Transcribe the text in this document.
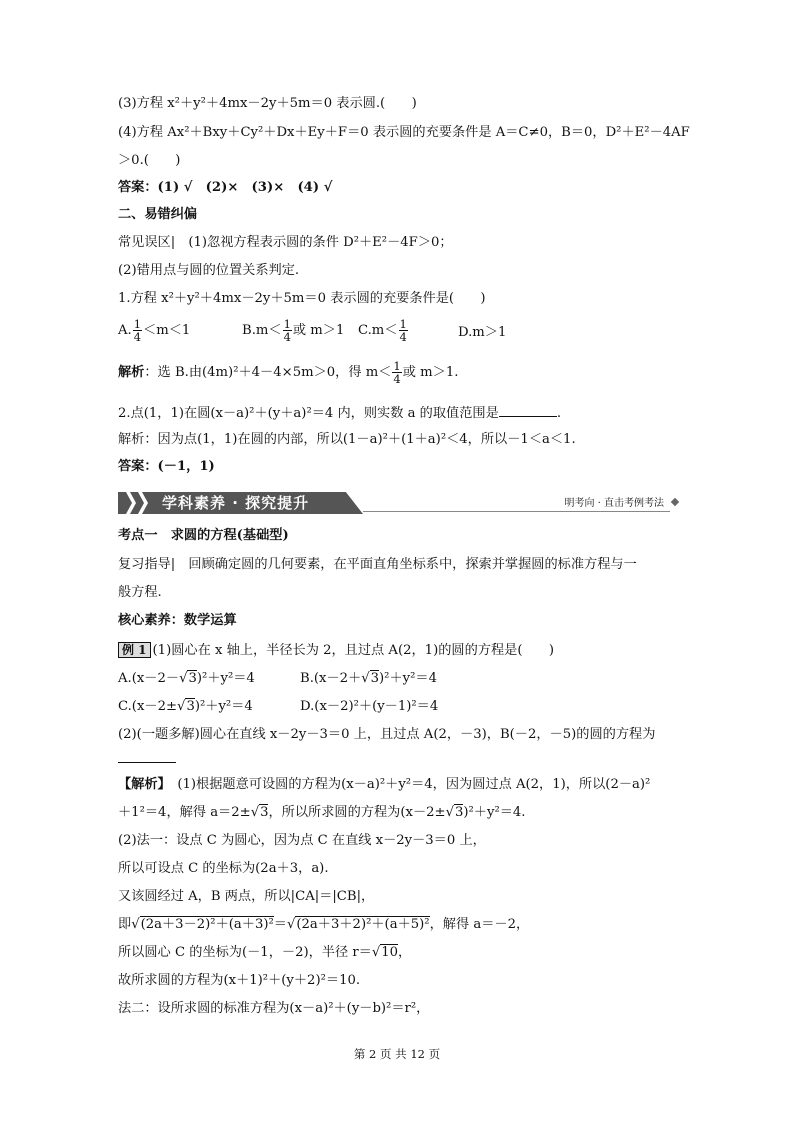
(3)方程 x²＋y²＋4mx－2y＋5m＝0 表示圆.(　　)
(4)方程 Ax²＋Bxy＋Cy²＋Dx＋Ey＋F＝0 表示圆的充要条件是 A＝C≠0，B＝0，D²＋E²－4AF
＞0.(　　)
答案：(1) √　(2)×　(3)×　(4) √
二、易错纠偏
常见误区|　(1)忽视方程表示圆的条件 D²＋E²－4F＞0；
(2)错用点与圆的位置关系判定.
1.方程 x²＋y²＋4mx－2y＋5m＝0 表示圆的充要条件是(　　)
A. $\frac{1}{4} <m<1$	$B.m< \frac{1}{4}$ 或 m＞1 $C.m< \frac{1}{4}$	D.m＞1
解析：选 B.由(4m)²＋4－4×5m＞0，得 $m< \frac{1}{4}$ 或 m＞1.
2.点(1，1)在圆(x－a)²＋(y＋a)²＝4 内，则实数 a 的取值范围是	.
解析：因为点(1，1)在圆的内部，所以(1－a)²＋(1＋a)²＜4，所以－1＜a＜1.
答案：(－1，1)
学科素养 · 探究提升	明考向 · 直击考例考法
考点一　求圆的方程(基础型)
复习指导|　回顾确定圆的几何要素，在平面直角坐标系中，探索并掌握圆的标准方程与一
般方程.
核心素养：数学运算
例 1 (1)圆心在 x 轴上，半径长为 2，且过点 A(2，1)的圆的方程是(　　)
A.(x－2－√3)²＋y²＝4	B.(x－2＋√3)²＋y²＝4
C.(x－2±√3)²＋y²＝4	D.(x－2)²＋(y－1)²＝4
(2)(一题多解)圆心在直线 x－2y－3＝0 上，且过点 A(2，－3)，B(－2，－5)的圆的方程为
【解析】　(1)根据题意可设圆的方程为(x－a)²＋y²＝4，因为圆过点 A(2，1)，所以(2－a)²
＋1²＝4，解得 a＝2±√3，所以所求圆的方程为(x－2±√3)²＋y²＝4.
(2)法一：设点 C 为圆心，因为点 C 在直线 x－2y－3＝0 上，
所以可设点 C 的坐标为(2a＋3，a).
又该圆经过 A，B 两点，所以|CA|＝|CB|，
即√(2a＋3－2)²＋(a＋3)²＝√(2a＋3＋2)²＋(a＋5)²，解得 a＝－2，
所以圆心 C 的坐标为(－1，－2)，半径 r＝√10，
故所求圆的方程为(x＋1)²＋(y＋2)²＝10.
法二：设所求圆的标准方程为(x－a)²＋(y－b)²＝r²，
第 2 页 共 12 页
